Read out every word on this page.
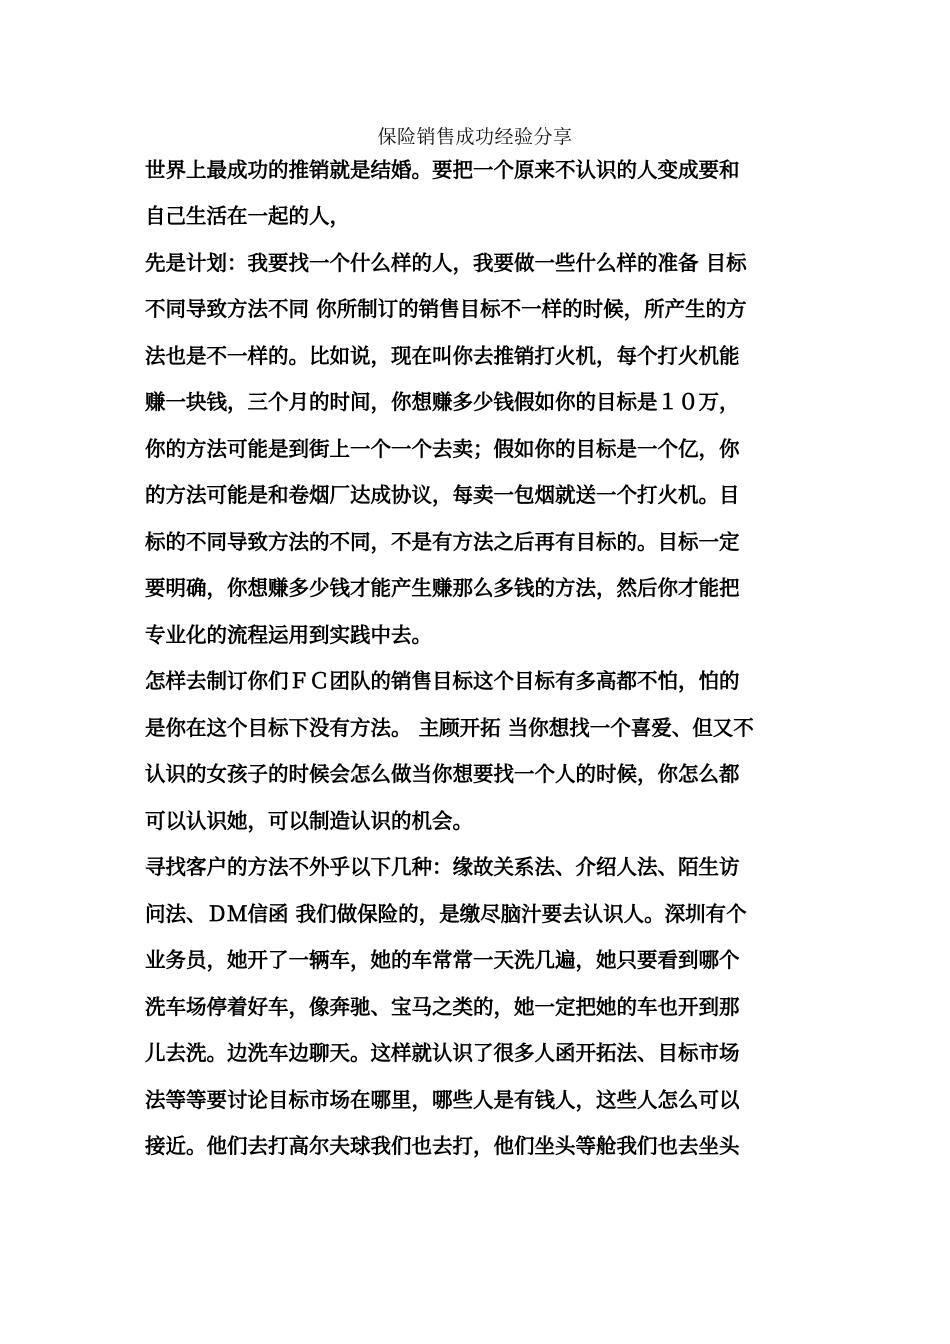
保险销售成功经验分享
世界上最成功的推销就是结婚。要把一个原来不认识的人变成要和
自己生活在一起的人，
先是计划：我要找一个什么样的人，我要做一些什么样的准备 目标
不同导致方法不同 你所制订的销售目标不一样的时候，所产生的方
法也是不一样的。比如说，现在叫你去推销打火机，每个打火机能
赚一块钱，三个月的时间，你想赚多少钱假如你的目标是１０万，
你的方法可能是到街上一个一个去卖；假如你的目标是一个亿，你
的方法可能是和卷烟厂达成协议，每卖一包烟就送一个打火机。目
标的不同导致方法的不同，不是有方法之后再有目标的。目标一定
要明确，你想赚多少钱才能产生赚那么多钱的方法，然后你才能把
专业化的流程运用到实践中去。
怎样去制订你们ＦＣ团队的销售目标这个目标有多高都不怕，怕的
是你在这个目标下没有方法。 主顾开拓 当你想找一个喜爱、但又不
认识的女孩子的时候会怎么做当你想要找一个人的时候，你怎么都
可以认识她，可以制造认识的机会。
寻找客户的方法不外乎以下几种：缘故关系法、介绍人法、陌生访
问法、ＤＭ信函 我们做保险的，是缴尽脑汁要去认识人。深圳有个
业务员，她开了一辆车，她的车常常一天洗几遍，她只要看到哪个
洗车场停着好车，像奔驰、宝马之类的，她一定把她的车也开到那
儿去洗。边洗车边聊天。这样就认识了很多人函开拓法、目标市场
法等等要讨论目标市场在哪里，哪些人是有钱人，这些人怎么可以
接近。他们去打高尔夫球我们也去打，他们坐头等舱我们也去坐头
